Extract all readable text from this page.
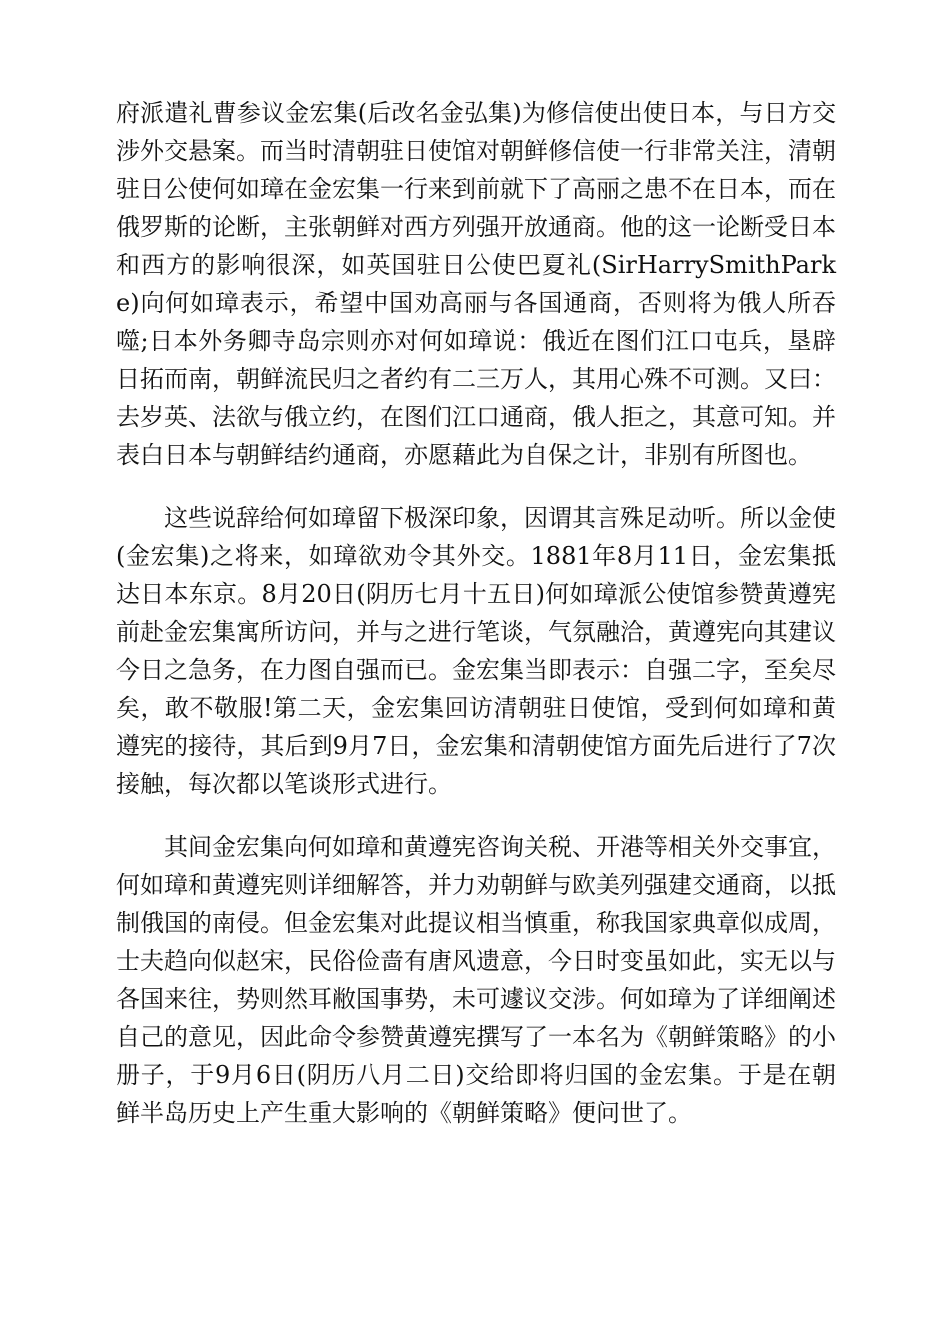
府派遣礼曹参议金宏集(后改名金弘集)为修信使出使日本，与日方交涉外交悬案。而当时清朝驻日使馆对朝鲜修信使一行非常关注，清朝驻日公使何如璋在金宏集一行来到前就下了高丽之患不在日本，而在俄罗斯的论断，主张朝鲜对西方列强开放通商。他的这一论断受日本和西方的影响很深，如英国驻日公使巴夏礼(SirHarrySmithParke)向何如璋表示，希望中国劝高丽与各国通商，否则将为俄人所吞噬;日本外务卿寺岛宗则亦对何如璋说：俄近在图们江口屯兵，垦辟日拓而南，朝鲜流民归之者约有二三万人，其用心殊不可测。又曰：去岁英、法欲与俄立约，在图们江口通商，俄人拒之，其意可知。并表白日本与朝鲜结约通商，亦愿藉此为自保之计，非别有所图也。

这些说辞给何如璋留下极深印象，因谓其言殊足动听。所以金使(金宏集)之将来，如璋欲劝令其外交。1881年8月11日，金宏集抵达日本东京。8月20日(阴历七月十五日)何如璋派公使馆参赞黄遵宪前赴金宏集寓所访问，并与之进行笔谈，气氛融洽，黄遵宪向其建议今日之急务，在力图自强而已。金宏集当即表示：自强二字，至矣尽矣，敢不敬服!第二天，金宏集回访清朝驻日使馆，受到何如璋和黄遵宪的接待，其后到9月7日，金宏集和清朝使馆方面先后进行了7次接触，每次都以笔谈形式进行。

其间金宏集向何如璋和黄遵宪咨询关税、开港等相关外交事宜，何如璋和黄遵宪则详细解答，并力劝朝鲜与欧美列强建交通商，以抵制俄国的南侵。但金宏集对此提议相当慎重，称我国家典章似成周，士夫趋向似赵宋，民俗俭啬有唐风遗意，今日时变虽如此，实无以与各国来往，势则然耳敝国事势，未可遽议交涉。何如璋为了详细阐述自己的意见，因此命令参赞黄遵宪撰写了一本名为《朝鲜策略》的小册子，于9月6日(阴历八月二日)交给即将归国的金宏集。于是在朝鲜半岛历史上产生重大影响的《朝鲜策略》便问世了。
